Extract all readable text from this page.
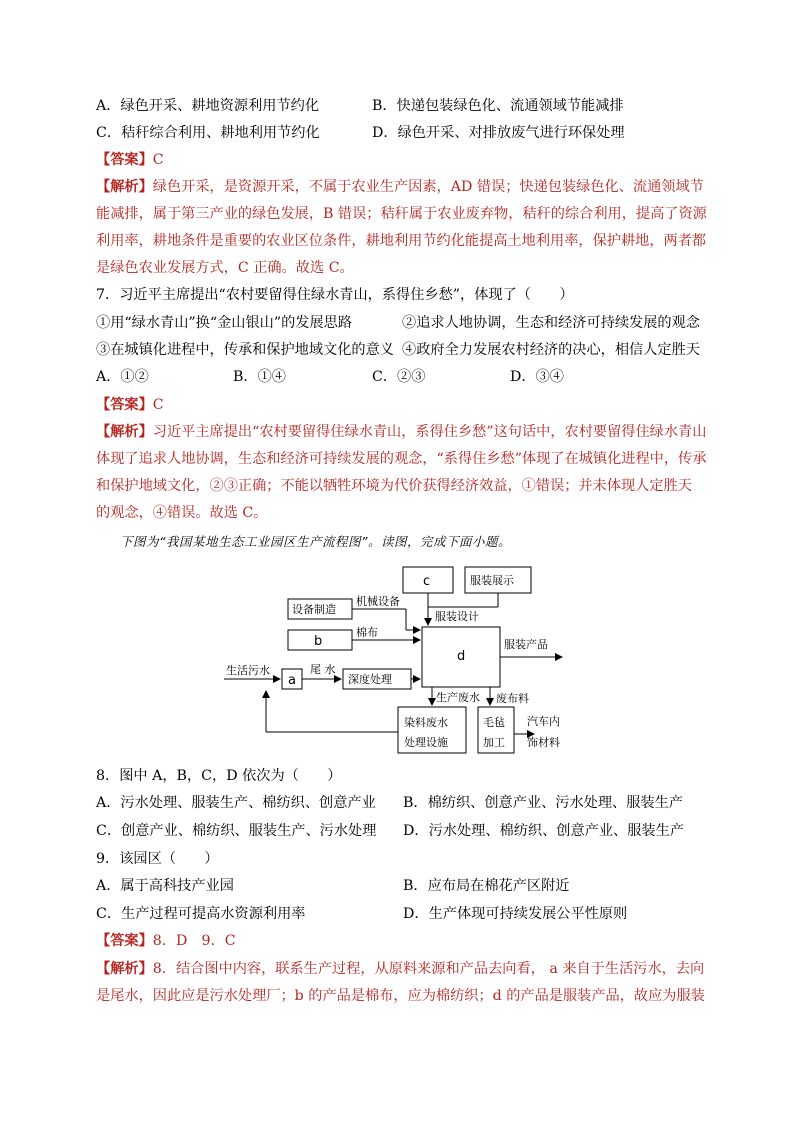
A．绿色开采、耕地资源利用节约化	B．快递包装绿色化、流通领域节能减排
C．秸秆综合利用、耕地利用节约化	D．绿色开采、对排放废气进行环保处理
【答案】C
【解析】绿色开采，是资源开采，不属于农业生产因素，AD 错误；快递包装绿色化、流通领域节
能减排，属于第三产业的绿色发展，B 错误；秸秆属于农业废弃物，秸秆的综合利用，提高了资源
利用率，耕地条件是重要的农业区位条件，耕地利用节约化能提高土地利用率，保护耕地，两者都
是绿色农业发展方式，C 正确。故选 C。
7．习近平主席提出“农村要留得住绿水青山，系得住乡愁”，体现了（　　）
①用“绿水青山”换“金山银山”的发展思路	②追求人地协调，生态和经济可持续发展的观念
③在城镇化进程中，传承和保护地域文化的意义 ④政府全力发展农村经济的决心，相信人定胜天
A．①②	B．①④	C．②③	D．③④
【答案】C
【解析】习近平主席提出“农村要留得住绿水青山，系得住乡愁”这句话中，农村要留得住绿水青山
体现了追求人地协调，生态和经济可持续发展的观念，“系得住乡愁”体现了在城镇化进程中，传承
和保护地域文化，②③正确；不能以牺牲环境为代价获得经济效益，①错误；并未体现人定胜天
的观念，④错误。故选 C。
下图为“我国某地生态工业园区生产流程图”。读图，完成下面小题。
c	服装展示
设备制造
机械设备
服装设计
b
棉布
d
服装产品
生活污水
a
尾 水
深度处理
生产废水 废布料
染料废水
处理设施
毛毡
加工
汽车内
饰材料
8．图中 A，B，C，D 依次为（　　）
A．污水处理、服装生产、棉纺织、创意产业 B．棉纺织、创意产业、污水处理、服装生产
C．创意产业、棉纺织、服装生产、污水处理 D．污水处理、棉纺织、创意产业、服装生产
9．该园区（　　）
A．属于高科技产业园	B．应布局在棉花产区附近
C．生产过程可提高水资源利用率	D．生产体现可持续发展公平性原则
【答案】8．D　9．C
【解析】8．结合图中内容，联系生产过程，从原料来源和产品去向看， a 来自于生活污水，去向
是尾水，因此应是污水处理厂；b 的产品是棉布，应为棉纺织；d 的产品是服装产品，故应为服装
